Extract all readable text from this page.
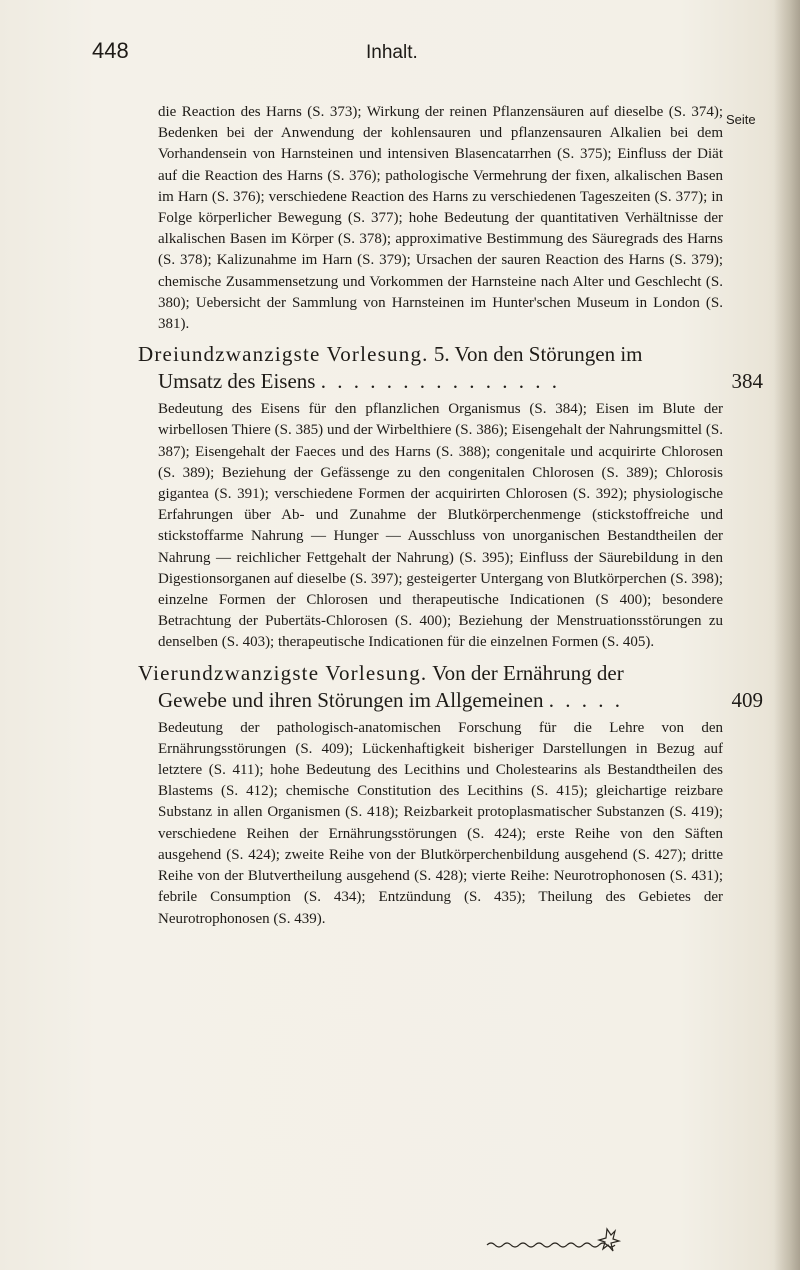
448	Inhalt.
Seite

die Reaction des Harns (S. 373); Wirkung der reinen Pflanzensäuren auf dieselbe (S. 374); Bedenken bei der Anwendung der kohlensauren und pflanzensauren Alkalien bei dem Vorhandensein von Harnsteinen und intensiven Blasencatarrhen (S. 375); Einfluss der Diät auf die Reaction des Harns (S. 376); pathologische Vermehrung der fixen, alkalischen Basen im Harn (S. 376); verschiedene Reaction des Harns zu verschiedenen Tageszeiten (S. 377); in Folge körperlicher Bewegung (S. 377); hohe Bedeutung der quantitativen Verhältnisse der alkalischen Basen im Körper (S. 378); approximative Bestimmung des Säuregrads des Harns (S. 378); Kalizunahme im Harn (S. 379); Ursachen der sauren Reaction des Harns (S. 379); chemische Zusammensetzung und Vorkommen der Harnsteine nach Alter und Geschlecht (S. 380); Uebersicht der Sammlung von Harnsteinen im Hunter'schen Museum in London (S. 381).

Dreiundzwanzigste Vorlesung. 5. Von den Störungen im
Umsatz des Eisens . . . . . . . . . . . . . . .	384

Bedeutung des Eisens für den pflanzlichen Organismus (S. 384); Eisen im Blute der wirbellosen Thiere (S. 385) und der Wirbelthiere (S. 386); Eisengehalt der Nahrungsmittel (S. 387); Eisengehalt der Faeces und des Harns (S. 388); congenitale und acquirirte Chlorosen (S. 389); Beziehung der Gefässenge zu den congenitalen Chlorosen (S. 389); Chlorosis gigantea (S. 391); verschiedene Formen der acquirirten Chlorosen (S. 392); physiologische Erfahrungen über Ab- und Zunahme der Blutkörperchenmenge (stickstoffreiche und stickstoffarme Nahrung — Hunger — Ausschluss von unorganischen Bestandtheilen der Nahrung — reichlicher Fettgehalt der Nahrung) (S. 395); Einfluss der Säurebildung in den Digestionsorganen auf dieselbe (S. 397); gesteigerter Untergang von Blutkörperchen (S. 398); einzelne Formen der Chlorosen und therapeutische Indicationen (S 400); besondere Betrachtung der Pubertäts-Chlorosen (S. 400); Beziehung der Menstruationsstörungen zu denselben (S. 403); therapeutische Indicationen für die einzelnen Formen (S. 405).

Vierundzwanzigste Vorlesung. Von der Ernährung der
Gewebe und ihren Störungen im Allgemeinen . . . . .	409

Bedeutung der pathologisch-anatomischen Forschung für die Lehre von den Ernährungsstörungen (S. 409); Lückenhaftigkeit bisheriger Darstellungen in Bezug auf letztere (S. 411); hohe Bedeutung des Lecithins und Cholestearins als Bestandtheilen des Blastems (S. 412); chemische Constitution des Lecithins (S. 415); gleichartige reizbare Substanz in allen Organismen (S. 418); Reizbarkeit protoplasmatischer Substanzen (S. 419); verschiedene Reihen der Ernährungsstörungen (S. 424); erste Reihe von den Säften ausgehend (S. 424); zweite Reihe von der Blutkörperchenbildung ausgehend (S. 427); dritte Reihe von der Blutvertheilung ausgehend (S. 428); vierte Reihe: Neurotrophonosen (S. 431); febrile Consumption (S. 434); Entzündung (S. 435); Theilung des Gebietes der Neurotrophonosen (S. 439).
